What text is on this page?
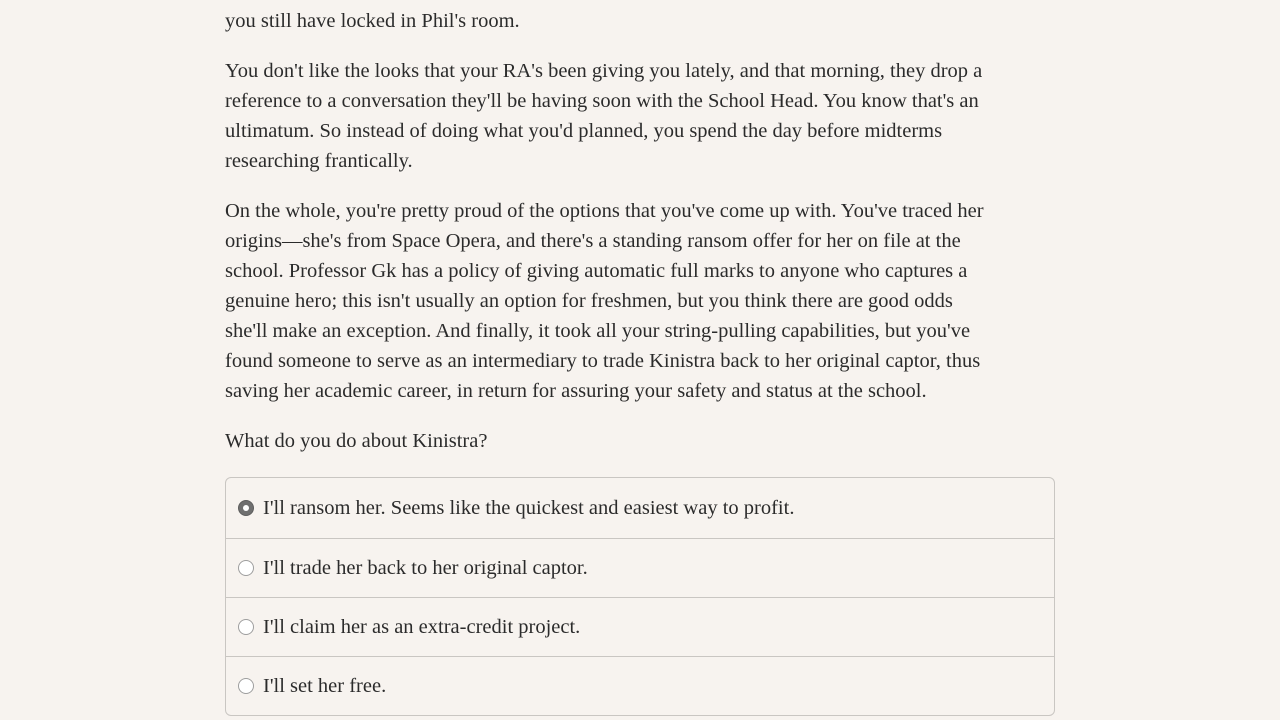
you still have locked in Phil's room.

You don't like the looks that your RA's been giving you lately, and that morning, they drop a
reference to a conversation they'll be having soon with the School Head. You know that's an
ultimatum. So instead of doing what you'd planned, you spend the day before midterms
researching frantically.

On the whole, you're pretty proud of the options that you've come up with. You've traced her
origins—she's from Space Opera, and there's a standing ransom offer for her on file at the
school. Professor Gk has a policy of giving automatic full marks to anyone who captures a
genuine hero; this isn't usually an option for freshmen, but you think there are good odds
she'll make an exception. And finally, it took all your string-pulling capabilities, but you've
found someone to serve as an intermediary to trade Kinistra back to her original captor, thus
saving her academic career, in return for assuring your safety and status at the school.

What do you do about Kinistra?

I'll ransom her. Seems like the quickest and easiest way to profit.
I'll trade her back to her original captor.
I'll claim her as an extra-credit project.
I'll set her free.
